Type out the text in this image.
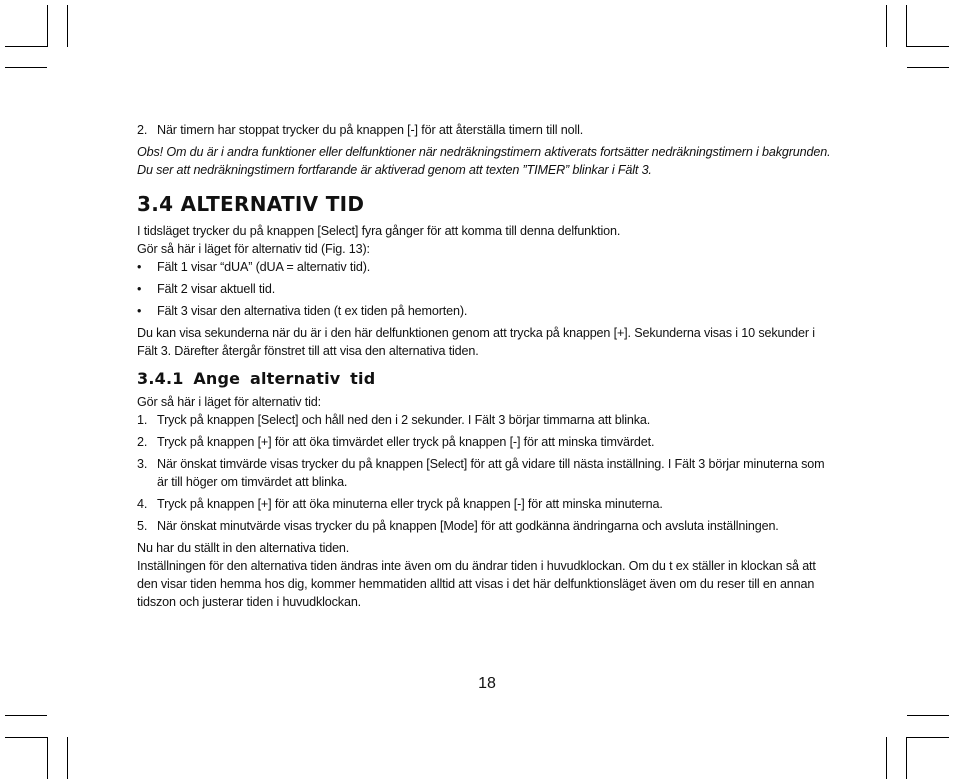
2. När timern har stoppat trycker du på knappen [-] för att återställa timern till noll.

Obs! Om du är i andra funktioner eller delfunktioner när nedräkningstimern aktiverats fortsätter nedräkningstimern i bakgrunden. Du ser att nedräkningstimern fortfarande är aktiverad genom att texten ”TIMER” blinkar i Fält 3.

3.4 ALTERNATIV TID

I tidsläget trycker du på knappen [Select] fyra gånger för att komma till denna delfunktion.

Gör så här i läget för alternativ tid (Fig. 13):

•	Fält 1 visar “dUA” (dUA = alternativ tid).
•	Fält 2 visar aktuell tid.
•	Fält 3 visar den alternativa tiden (t ex tiden på hemorten).

Du kan visa sekunderna när du är i den här delfunktionen genom att trycka på knappen [+]. Sekunderna visas i 10 sekunder i Fält 3. Därefter återgår fönstret till att visa den alternativa tiden.

3.4.1 Ange alternativ tid

Gör så här i läget för alternativ tid:

1. Tryck på knappen [Select] och håll ned den i 2 sekunder. I Fält 3 börjar timmarna att blinka.
2. Tryck på knappen [+] för att öka timvärdet eller tryck på knappen [-] för att minska timvärdet.
3. När önskat timvärde visas trycker du på knappen [Select] för att gå vidare till nästa inställning. I Fält 3 börjar minuterna som är till höger om timvärdet att blinka.
4. Tryck på knappen [+] för att öka minuterna eller tryck på knappen [-] för att minska minuterna.
5. När önskat minutvärde visas trycker du på knappen [Mode] för att godkänna ändringarna och avsluta inställningen.

Nu har du ställt in den alternativa tiden.

Inställningen för den alternativa tiden ändras inte även om du ändrar tiden i huvudklockan. Om du t ex ställer in klockan så att den visar tiden hemma hos dig, kommer hemmatiden alltid att visas i det här delfunktionsläget även om du reser till en annan tidszon och justerar tiden i huvudklockan.

18
